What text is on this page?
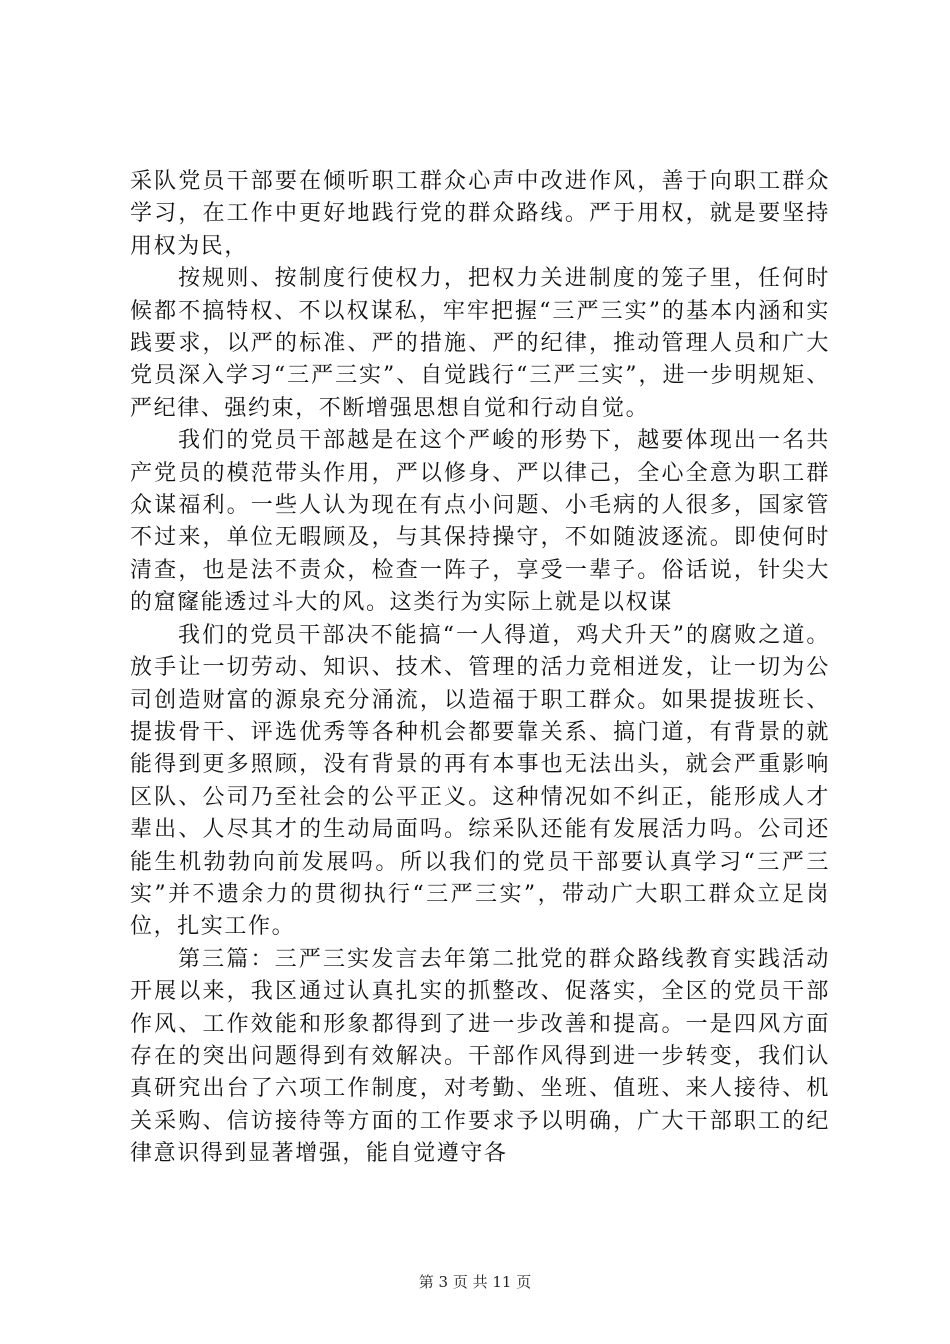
采队党员干部要在倾听职工群众心声中改进作风，善于向职工群众学习，在工作中更好地践行党的群众路线。严于用权，就是要坚持用权为民，

按规则、按制度行使权力，把权力关进制度的笼子里，任何时候都不搞特权、不以权谋私，牢牢把握“三严三实”的基本内涵和实践要求，以严的标准、严的措施、严的纪律，推动管理人员和广大党员深入学习“三严三实”、自觉践行“三严三实”，进一步明规矩、严纪律、强约束，不断增强思想自觉和行动自觉。

我们的党员干部越是在这个严峻的形势下，越要体现出一名共产党员的模范带头作用，严以修身、严以律己，全心全意为职工群众谋福利。一些人认为现在有点小问题、小毛病的人很多，国家管不过来，单位无暇顾及，与其保持操守，不如随波逐流。即使何时清查，也是法不责众，检查一阵子，享受一辈子。俗话说，针尖大的窟窿能透过斗大的风。这类行为实际上就是以权谋

我们的党员干部决不能搞“一人得道，鸡犬升天”的腐败之道。放手让一切劳动、知识、技术、管理的活力竞相迸发，让一切为公司创造财富的源泉充分涌流，以造福于职工群众。如果提拔班长、提拔骨干、评选优秀等各种机会都要靠关系、搞门道，有背景的就能得到更多照顾，没有背景的再有本事也无法出头，就会严重影响区队、公司乃至社会的公平正义。这种情况如不纠正，能形成人才辈出、人尽其才的生动局面吗。综采队还能有发展活力吗。公司还能生机勃勃向前发展吗。所以我们的党员干部要认真学习“三严三实”并不遗余力的贯彻执行“三严三实”，带动广大职工群众立足岗位，扎实工作。

第三篇：三严三实发言去年第二批党的群众路线教育实践活动开展以来，我区通过认真扎实的抓整改、促落实，全区的党员干部作风、工作效能和形象都得到了进一步改善和提高。一是四风方面存在的突出问题得到有效解决。干部作风得到进一步转变，我们认真研究出台了六项工作制度，对考勤、坐班、值班、来人接待、机关采购、信访接待等方面的工作要求予以明确，广大干部职工的纪律意识得到显著增强，能自觉遵守各

第 3 页 共 11 页
